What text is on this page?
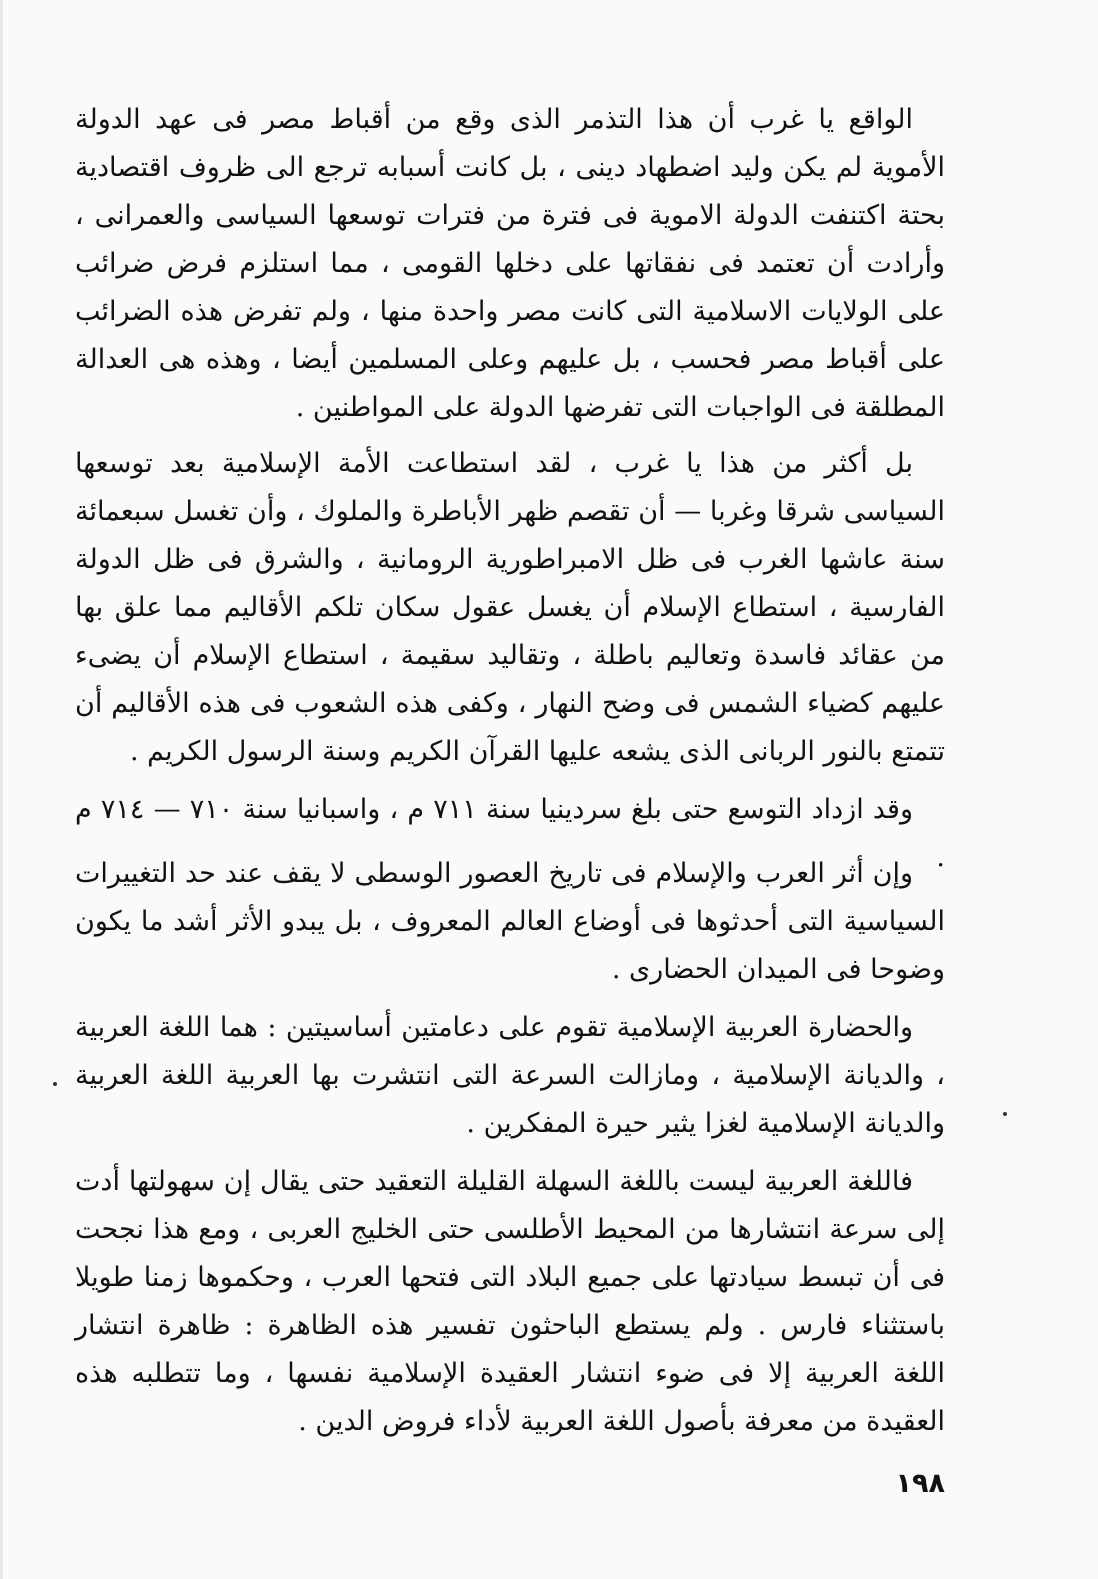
الواقع يا غرب أن هذا التذمر الذى وقع من أقباط مصر فى عهد الدولة الأموية لم يكن وليد اضطهاد دينى ، بل كانت أسبابه ترجع الى ظروف اقتصادية بحتة اكتنفت الدولة الاموية فى فترة من فترات توسعها السياسى والعمرانى ، وأرادت أن تعتمد فى نفقاتها على دخلها القومى ، مما استلزم فرض ضرائب على الولايات الاسلامية التى كانت مصر واحدة منها ، ولم تفرض هذه الضرائب على أقباط مصر فحسب ، بل عليهم وعلى المسلمين أيضا ، وهذه هى العدالة المطلقة فى الواجبات التى تفرضها الدولة على المواطنين .

بل أكثر من هذا يا غرب ، لقد استطاعت الأمة الإسلامية بعد توسعها السياسى شرقا وغربا — أن تقصم ظهر الأباطرة والملوك ، وأن تغسل سبعمائة سنة عاشها الغرب فى ظل الامبراطورية الرومانية ، والشرق فى ظل الدولة الفارسية ، استطاع الإسلام أن يغسل عقول سكان تلكم الأقاليم مما علق بها من عقائد فاسدة وتعاليم باطلة ، وتقاليد سقيمة ، استطاع الإسلام أن يضىء عليهم كضياء الشمس فى وضح النهار ، وكفى هذه الشعوب فى هذه الأقاليم أن تتمتع بالنور الربانى الذى يشعه عليها القرآن الكريم وسنة الرسول الكريم .

وقد ازداد التوسع حتى بلغ سردينيا سنة ٧١١ م ، واسبانيا سنة ٧١٠ — ٧١٤ م .

وإن أثر العرب والإسلام فى تاريخ العصور الوسطى لا يقف عند حد التغييرات السياسية التى أحدثوها فى أوضاع العالم المعروف ، بل يبدو الأثر أشد ما يكون وضوحا فى الميدان الحضارى .

والحضارة العربية الإسلامية تقوم على دعامتين أساسيتين : هما اللغة العربية ، والديانة الإسلامية ، ومازالت السرعة التى انتشرت بها العربية اللغة العربية والديانة الإسلامية لغزا يثير حيرة المفكرين .

فاللغة العربية ليست باللغة السهلة القليلة التعقيد حتى يقال إن سهولتها أدت إلى سرعة انتشارها من المحيط الأطلسى حتى الخليج العربى ، ومع هذا نجحت فى أن تبسط سيادتها على جميع البلاد التى فتحها العرب ، وحكموها زمنا طويلا باستثناء فارس . ولم يستطع الباحثون تفسير هذه الظاهرة : ظاهرة انتشار اللغة العربية إلا فى ضوء انتشار العقيدة الإسلامية نفسها ، وما تتطلبه هذه العقيدة من معرفة بأصول اللغة العربية لأداء فروض الدين .

١٩٨
